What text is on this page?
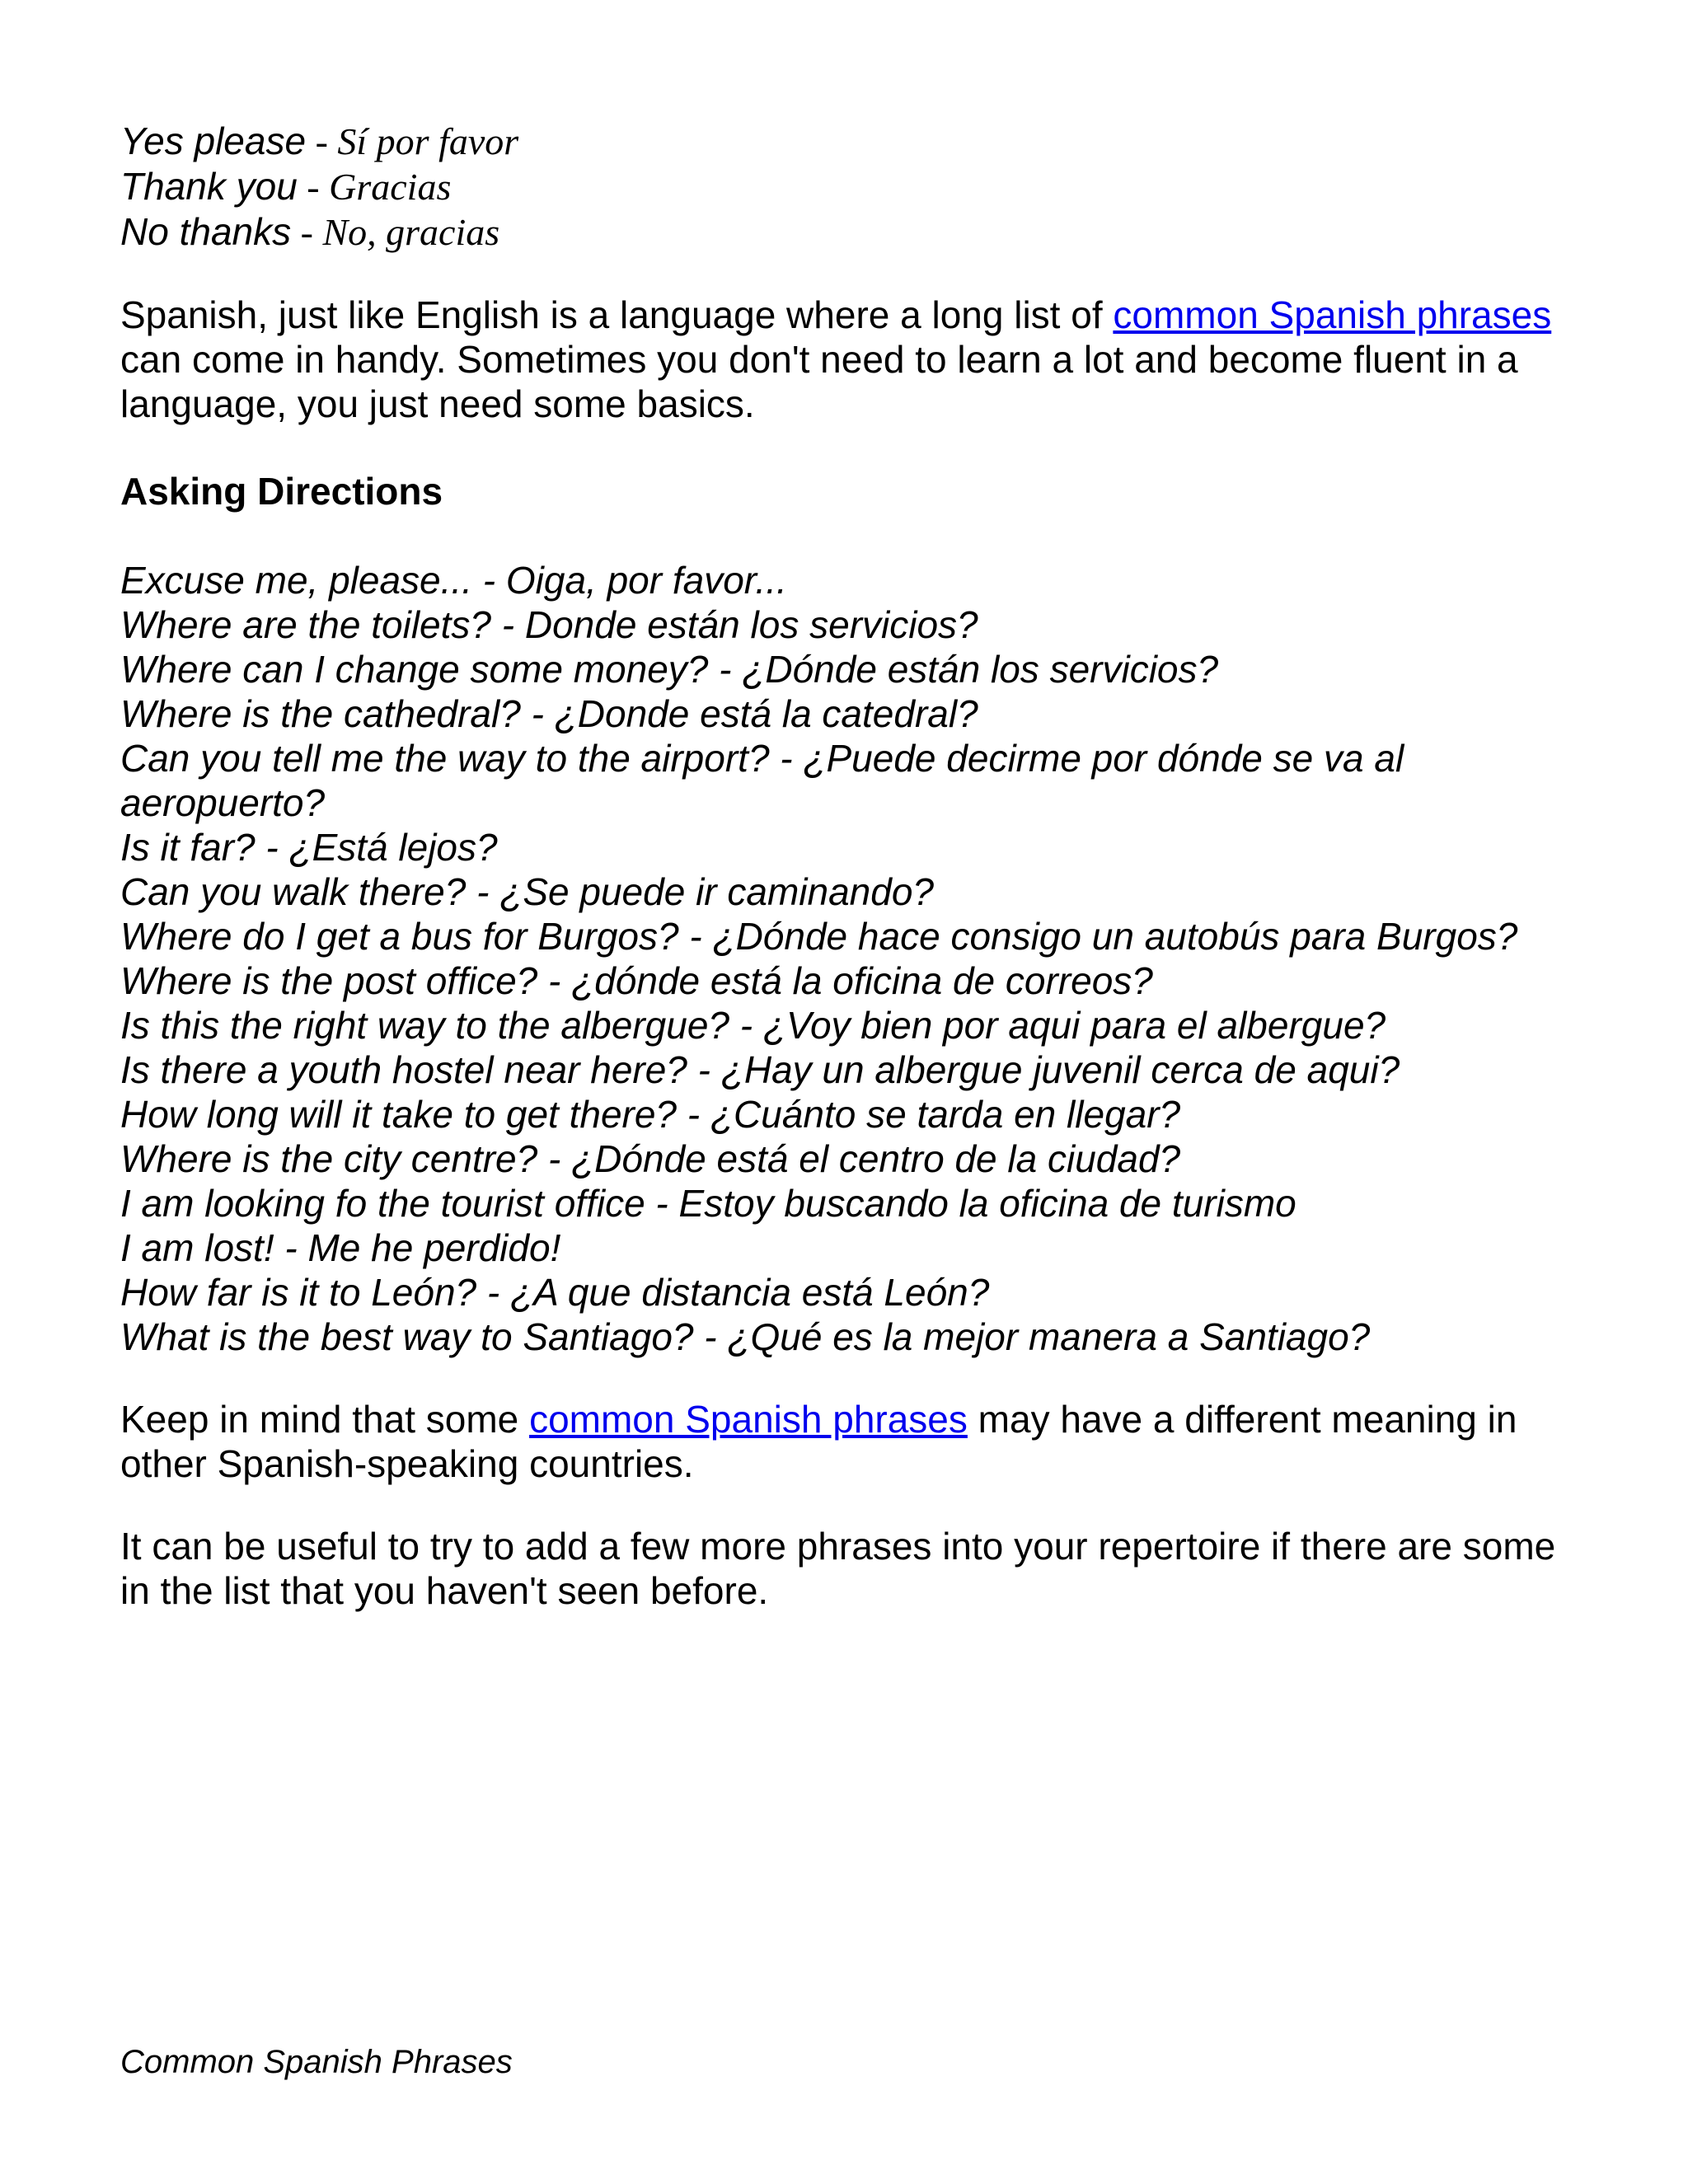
Yes please - Sí por favor
Thank you - Gracias
No thanks - No, gracias

Spanish, just like English is a language where a long list of common Spanish phrases can come in handy. Sometimes you don't need to learn a lot and become fluent in a language, you just need some basics.

Asking Directions
Excuse me, please... - Oiga, por favor...
Where are the toilets? - Donde están los servicios?
Where can I change some money? - ¿Dónde están los servicios?
Where is the cathedral? - ¿Donde está la catedral?
Can you tell me the way to the airport? - ¿Puede decirme por dónde se va al aeropuerto?
Is it far? - ¿Está lejos?
Can you walk there? - ¿Se puede ir caminando?
Where do I get a bus for Burgos? - ¿Dónde hace consigo un autobús para Burgos?
Where is the post office? - ¿dónde está la oficina de correos?
Is this the right way to the albergue? - ¿Voy bien por aqui para el albergue?
Is there a youth hostel near here? - ¿Hay un albergue juvenil cerca de aqui?
How long will it take to get there? - ¿Cuánto se tarda en llegar?
Where is the city centre? - ¿Dónde está el centro de la ciudad?
I am looking fo the tourist office - Estoy buscando la oficina de turismo
I am lost! - Me he perdido!
How far is it to León? - ¿A que distancia está León?
What is the best way to Santiago? - ¿Qué es la mejor manera a Santiago?

Keep in mind that some common Spanish phrases may have a different meaning in other Spanish-speaking countries.

It can be useful to try to add a few more phrases into your repertoire if there are some in the list that you haven't seen before.

Common Spanish Phrases
